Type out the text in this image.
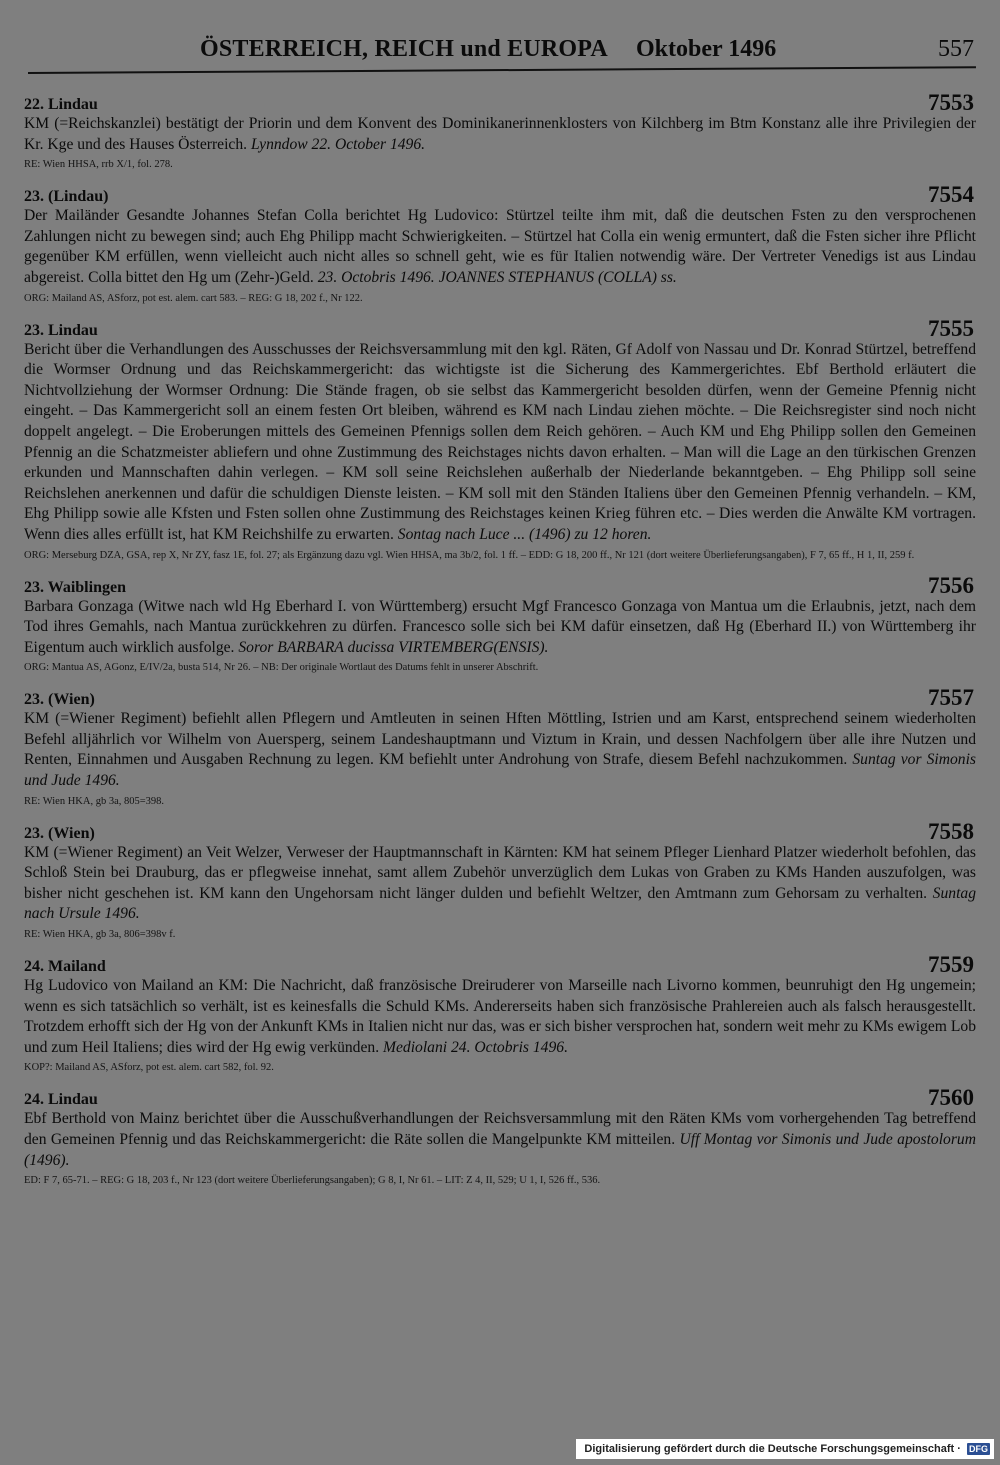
ÖSTERREICH, REICH und EUROPA Oktober 1496	557
22. Lindau	7553
KM (=Reichskanzlei) bestätigt der Priorin und dem Konvent des Dominikanerinnenklosters von Kilchberg im Btm Konstanz alle ihre Privilegien der Kr. Kge und des Hauses Österreich. Lynndow 22. October 1496.
RE: Wien HHSA, rrb X/1, fol. 278.
23. (Lindau)	7554
Der Mailänder Gesandte Johannes Stefan Colla berichtet Hg Ludovico: Stürtzel teilte ihm mit, daß die deutschen Fsten zu den versprochenen Zahlungen nicht zu bewegen sind; auch Ehg Philipp macht Schwierigkeiten. – Stürtzel hat Colla ein wenig ermuntert, daß die Fsten sicher ihre Pflicht gegenüber KM erfüllen, wenn vielleicht auch nicht alles so schnell geht, wie es für Italien notwendig wäre. Der Vertreter Venedigs ist aus Lindau abgereist. Colla bittet den Hg um (Zehr-)Geld. 23. Octobris 1496. JOANNES STEPHANUS (COLLA) ss.
ORG: Mailand AS, ASforz, pot est. alem. cart 583. – REG: G 18, 202 f., Nr 122.
23. Lindau	7555
Bericht über die Verhandlungen des Ausschusses der Reichsversammlung mit den kgl. Räten, Gf Adolf von Nassau und Dr. Konrad Stürtzel, betreffend die Wormser Ordnung und das Reichskammergericht: das wichtigste ist die Sicherung des Kammergerichtes. Ebf Berthold erläutert die Nichtvollziehung der Wormser Ordnung: Die Stände fragen, ob sie selbst das Kammergericht besolden dürfen, wenn der Gemeine Pfennig nicht eingeht. – Das Kammergericht soll an einem festen Ort bleiben, während es KM nach Lindau ziehen möchte. – Die Reichsregister sind noch nicht doppelt angelegt. – Die Eroberungen mittels des Gemeinen Pfennigs sollen dem Reich gehören. – Auch KM und Ehg Philipp sollen den Gemeinen Pfennig an die Schatzmeister abliefern und ohne Zustimmung des Reichstages nichts davon erhalten. – Man will die Lage an den türkischen Grenzen erkunden und Mannschaften dahin verlegen. – KM soll seine Reichslehen außerhalb der Niederlande bekanntgeben. – Ehg Philipp soll seine Reichslehen anerkennen und dafür die schuldigen Dienste leisten. – KM soll mit den Ständen Italiens über den Gemeinen Pfennig verhandeln. – KM, Ehg Philipp sowie alle Kfsten und Fsten sollen ohne Zustimmung des Reichstages keinen Krieg führen etc. – Dies werden die Anwälte KM vortragen. Wenn dies alles erfüllt ist, hat KM Reichshilfe zu erwarten. Sontag nach Luce ... (1496) zu 12 horen.
ORG: Merseburg DZA, GSA, rep X, Nr ZY, fasz 1E, fol. 27; als Ergänzung dazu vgl. Wien HHSA, ma 3b/2, fol. 1 ff. – EDD: G 18, 200 ff., Nr 121 (dort weitere Überlieferungsangaben), F 7, 65 ff., H 1, II, 259 f.
23. Waiblingen	7556
Barbara Gonzaga (Witwe nach wld Hg Eberhard I. von Württemberg) ersucht Mgf Francesco Gonzaga von Mantua um die Erlaubnis, jetzt, nach dem Tod ihres Gemahls, nach Mantua zurückkehren zu dürfen. Francesco solle sich bei KM dafür einsetzen, daß Hg (Eberhard II.) von Württemberg ihr Eigentum auch wirklich ausfolge. Soror BARBARA ducissa VIRTEMBERG(ENSIS).
ORG: Mantua AS, AGonz, E/IV/2a, busta 514, Nr 26. – NB: Der originale Wortlaut des Datums fehlt in unserer Abschrift.
23. (Wien)	7557
KM (=Wiener Regiment) befiehlt allen Pflegern und Amtleuten in seinen Hften Möttling, Istrien und am Karst, entsprechend seinem wiederholten Befehl alljährlich vor Wilhelm von Auersperg, seinem Landeshauptmann und Viztum in Krain, und dessen Nachfolgern über alle ihre Nutzen und Renten, Einnahmen und Ausgaben Rechnung zu legen. KM befiehlt unter Androhung von Strafe, diesem Befehl nachzukommen. Suntag vor Simonis und Jude 1496.
RE: Wien HKA, gb 3a, 805=398.
23. (Wien)	7558
KM (=Wiener Regiment) an Veit Welzer, Verweser der Hauptmannschaft in Kärnten: KM hat seinem Pfleger Lienhard Platzer wiederholt befohlen, das Schloß Stein bei Drauburg, das er pflegweise innehat, samt allem Zubehör unverzüglich dem Lukas von Graben zu KMs Handen auszufolgen, was bisher nicht geschehen ist. KM kann den Ungehorsam nicht länger dulden und befiehlt Weltzer, den Amtmann zum Gehorsam zu verhalten. Suntag nach Ursule 1496.
RE: Wien HKA, gb 3a, 806=398v f.
24. Mailand	7559
Hg Ludovico von Mailand an KM: Die Nachricht, daß französische Dreiruderer von Marseille nach Livorno kommen, beunruhigt den Hg ungemein; wenn es sich tatsächlich so verhält, ist es keinesfalls die Schuld KMs. Andererseits haben sich französische Prahlereien auch als falsch herausgestellt. Trotzdem erhofft sich der Hg von der Ankunft KMs in Italien nicht nur das, was er sich bisher versprochen hat, sondern weit mehr zu KMs ewigem Lob und zum Heil Italiens; dies wird der Hg ewig verkünden. Mediolani 24. Octobris 1496.
KOP?: Mailand AS, ASforz, pot est. alem. cart 582, fol. 92.
24. Lindau	7560
Ebf Berthold von Mainz berichtet über die Ausschußverhandlungen der Reichsversammlung mit den Räten KMs vom vorhergehenden Tag betreffend den Gemeinen Pfennig und das Reichskammergericht: die Räte sollen die Mangelpunkte KM mitteilen. Uff Montag vor Simonis und Jude apostolorum (1496).
ED: F 7, 65-71. – REG: G 18, 203 f., Nr 123 (dort weitere Überlieferungsangaben); G 8, I, Nr 61. – LIT: Z 4, II, 529; U 1, I, 526 ff., 536.
Digitalisierung gefördert durch die Deutsche Forschungsgemeinschaft · DFG
